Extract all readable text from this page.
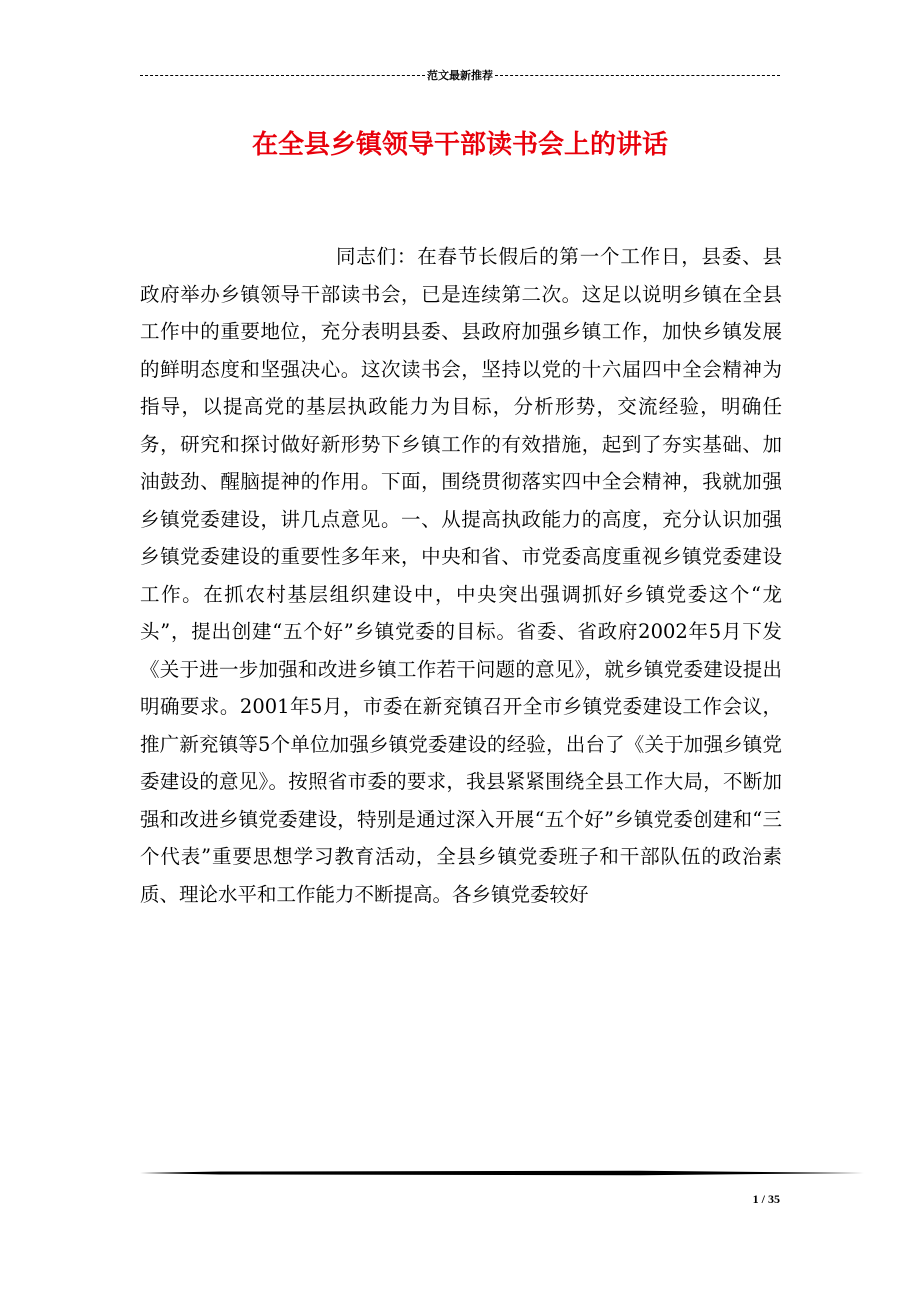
范文最新推荐
在全县乡镇领导干部读书会上的讲话
同志们：在春节长假后的第一个工作日，县委、县政府举办乡镇领导干部读书会，已是连续第二次。这足以说明乡镇在全县工作中的重要地位，充分表明县委、县政府加强乡镇工作，加快乡镇发展的鲜明态度和坚强决心。这次读书会，坚持以党的十六届四中全会精神为指导，以提高党的基层执政能力为目标，分析形势，交流经验，明确任务，研究和探讨做好新形势下乡镇工作的有效措施，起到了夯实基础、加油鼓劲、醒脑提神的作用。下面，围绕贯彻落实四中全会精神，我就加强乡镇党委建设，讲几点意见。一、从提高执政能力的高度，充分认识加强乡镇党委建设的重要性多年来，中央和省、市党委高度重视乡镇党委建设工作。在抓农村基层组织建设中，中央突出强调抓好乡镇党委这个“龙头”，提出创建“五个好”乡镇党委的目标。省委、省政府2002年5月下发《关于进一步加强和改进乡镇工作若干问题的意见》，就乡镇党委建设提出明确要求。2001年5月，市委在新兖镇召开全市乡镇党委建设工作会议，推广新兖镇等5个单位加强乡镇党委建设的经验，出台了《关于加强乡镇党委建设的意见》。按照省市委的要求，我县紧紧围绕全县工作大局，不断加强和改进乡镇党委建设，特别是通过深入开展“五个好”乡镇党委创建和“三个代表”重要思想学习教育活动，全县乡镇党委班子和干部队伍的政治素质、理论水平和工作能力不断提高。各乡镇党委较好
1 / 35
